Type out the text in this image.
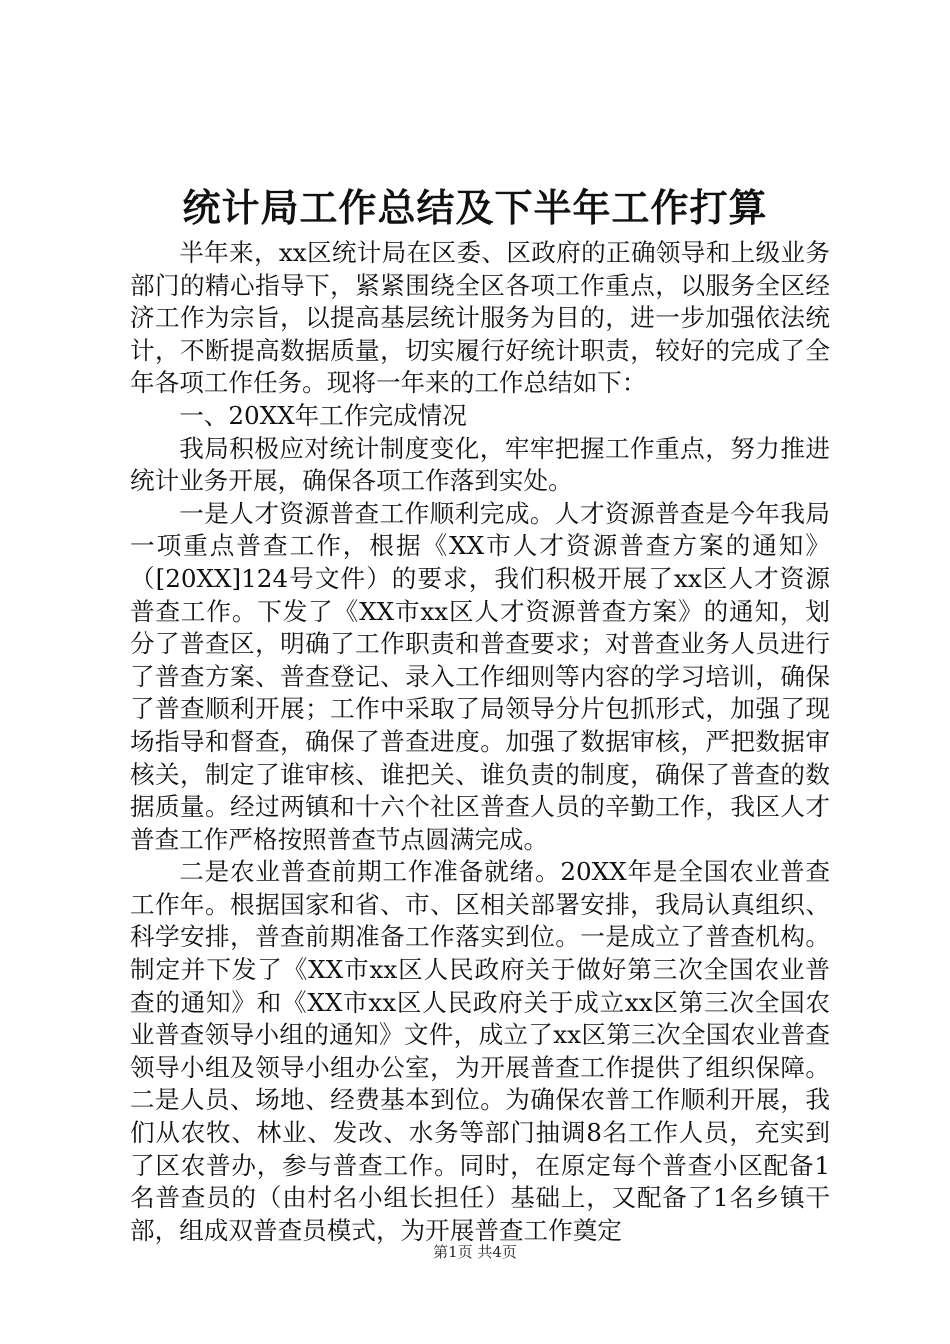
统计局工作总结及下半年工作打算

半年来，xx区统计局在区委、区政府的正确领导和上级业务部门的精心指导下，紧紧围绕全区各项工作重点，以服务全区经济工作为宗旨，以提高基层统计服务为目的，进一步加强依法统计，不断提高数据质量，切实履行好统计职责，较好的完成了全年各项工作任务。现将一年来的工作总结如下：

一、20XX年工作完成情况

我局积极应对统计制度变化，牢牢把握工作重点，努力推进统计业务开展，确保各项工作落到实处。

一是人才资源普查工作顺利完成。人才资源普查是今年我局一项重点普查工作，根据《XX市人才资源普查方案的通知》（[20XX]124号文件）的要求，我们积极开展了xx区人才资源普查工作。下发了《XX市xx区人才资源普查方案》的通知，划分了普查区，明确了工作职责和普查要求；对普查业务人员进行了普查方案、普查登记、录入工作细则等内容的学习培训，确保了普查顺利开展；工作中采取了局领导分片包抓形式，加强了现场指导和督查，确保了普查进度。加强了数据审核，严把数据审核关，制定了谁审核、谁把关、谁负责的制度，确保了普查的数据质量。经过两镇和十六个社区普查人员的辛勤工作，我区人才普查工作严格按照普查节点圆满完成。

二是农业普查前期工作准备就绪。20XX年是全国农业普查工作年。根据国家和省、市、区相关部署安排，我局认真组织、科学安排，普查前期准备工作落实到位。一是成立了普查机构。制定并下发了《XX市xx区人民政府关于做好第三次全国农业普查的通知》和《XX市xx区人民政府关于成立xx区第三次全国农业普查领导小组的通知》文件，成立了xx区第三次全国农业普查领导小组及领导小组办公室，为开展普查工作提供了组织保障。二是人员、场地、经费基本到位。为确保农普工作顺利开展，我们从农牧、林业、发改、水务等部门抽调8名工作人员，充实到了区农普办，参与普查工作。同时，在原定每个普查小区配备1名普查员的（由村名小组长担任）基础上，又配备了1名乡镇干部，组成双普查员模式，为开展普查工作奠定

第1页 共4页
